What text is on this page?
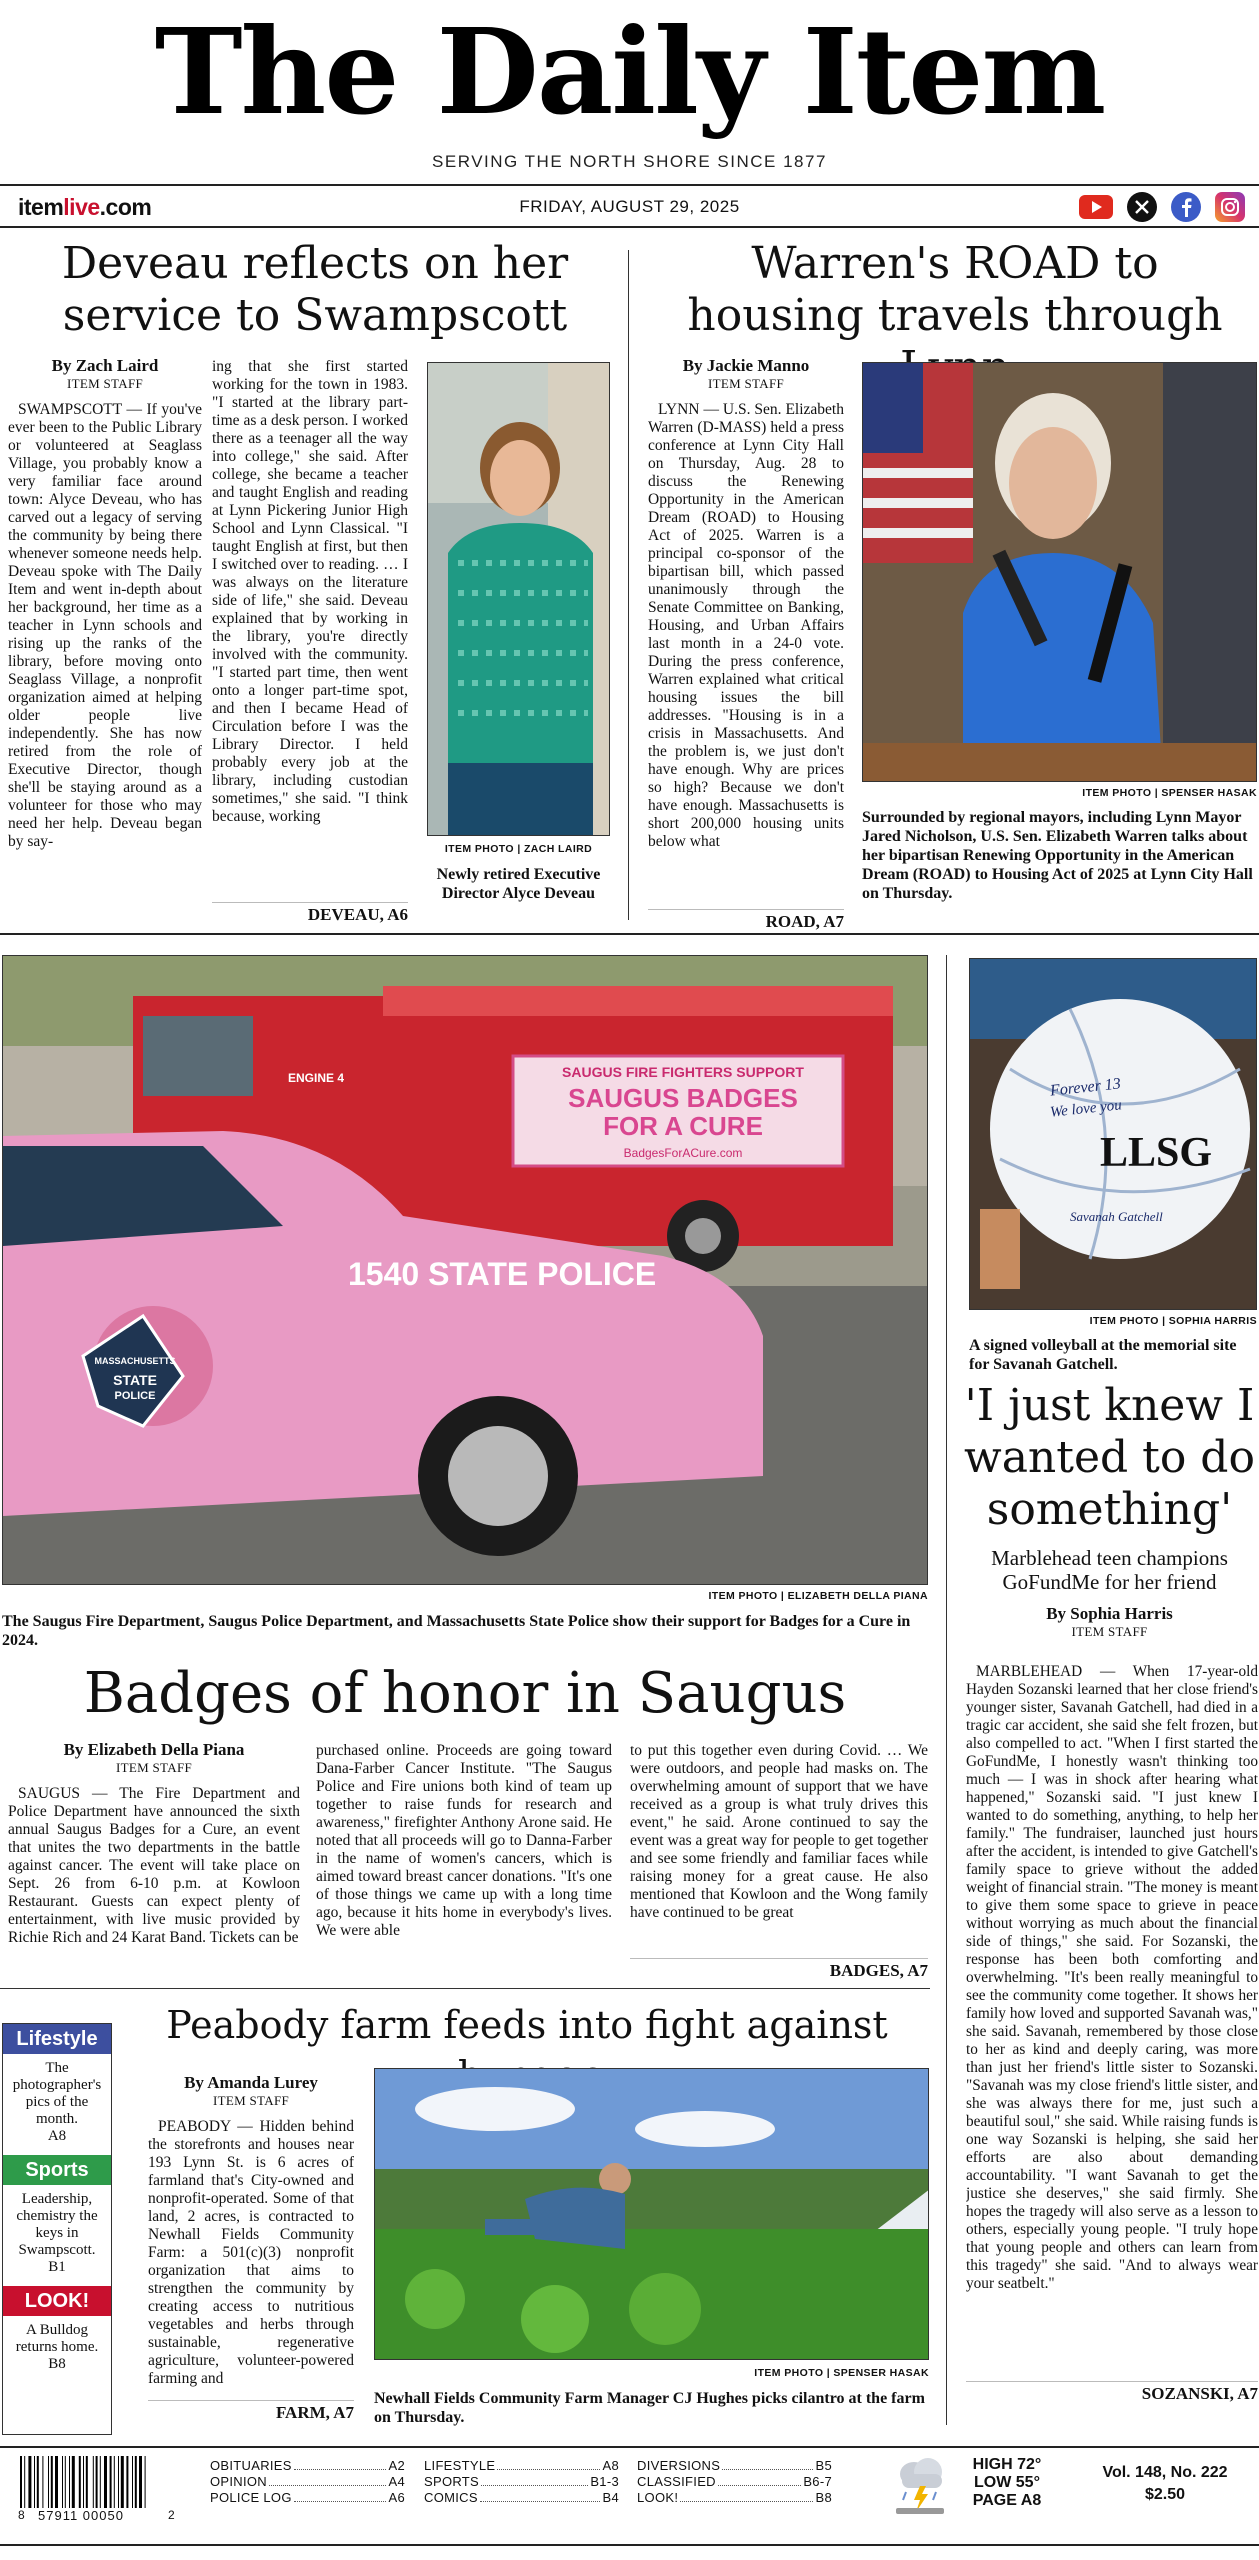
The Daily Item
SERVING THE NORTH SHORE SINCE 1877
itemlive.com	FRIDAY, AUGUST 29, 2025
Deveau reflects on her service to Swampscott
By Zach Laird
ITEM STAFF
SWAMPSCOTT — If you've ever been to the Public Library or volunteered at Seaglass Village, you probably know a very familiar face around town: Alyce Deveau, who has carved out a legacy of serving the community by being there whenever someone needs help. Deveau spoke with The Daily Item and went in-depth about her background, her time as a teacher in Lynn schools and rising up the ranks of the library, before moving onto Seaglass Village, a nonprofit organization aimed at helping older people live independently. She has now retired from the role of Executive Director, though she'll be staying around as a volunteer for those who may need her help. Deveau began by say-
ing that she first started working for the town in 1983. "I started at the library part-time as a desk person. I worked there as a teenager all the way into college," she said. After college, she became a teacher and taught English and reading at Lynn Pickering Junior High School and Lynn Classical. "I taught English at first, but then I switched over to reading. … I was always on the literature side of life," she said. Deveau explained that by working in the library, you're directly involved with the community. "I started part time, then went onto a longer part-time spot, and then I became Head of Circulation before I was the Library Director. I held probably every job at the library, including custodian sometimes," she said. "I think because, working
DEVEAU, A6
ITEM PHOTO | ZACH LAIRD
Newly retired Executive Director Alyce Deveau
Warren's ROAD to housing travels through
By Jackie Manno
ITEM STAFF
LYNN — U.S. Sen. Elizabeth Warren (D-MASS) held a press conference at Lynn City Hall on Thursday, Aug. 28 to discuss the Renewing Opportunity in the American Dream (ROAD) to Housing Act of 2025. Warren is a principal co-sponsor of the bipartisan bill, which passed unanimously through the Senate Committee on Banking, Housing, and Urban Affairs last month in a 24-0 vote. During the press conference, Warren explained what critical housing issues the bill addresses. "Housing is in a crisis in Massachusetts. And the problem is, we just don't have enough. Why are prices so high? Because we don't have enough. Massachusetts is short 200,000 housing units below what
ROAD, A7
ITEM PHOTO | SPENSER HASAK
Surrounded by regional mayors, including Lynn Mayor Jared Nicholson, U.S. Sen. Elizabeth Warren talks about her bipartisan Renewing Opportunity in the American Dream (ROAD) to Housing Act of 2025 at Lynn City Hall on Thursday.
SAUGUS FIRE FIGHTERS SUPPORT
SAUGUS BADGES
FOR A CURE
BadgesForACure.com
ENGINE 4
1540 STATE POLICE
MASSACHUSETTS
STATE
POLICE
ITEM PHOTO | ELIZABETH DELLA PIANA
The Saugus Fire Department, Saugus Police Department, and Massachusetts State Police show their support for Badges for a Cure in 2024.
Badges of honor in Saugus
By Elizabeth Della Piana
ITEM STAFF
SAUGUS — The Fire Department and Police Department have announced the sixth annual Saugus Badges for a Cure, an event that unites the two departments in the battle against cancer. The event will take place on Sept. 26 from 6-10 p.m. at Kowloon Restaurant. Guests can expect plenty of entertainment, with live music provided by Richie Rich and 24 Karat Band. Tickets can be
purchased online. Proceeds are going toward Dana-Farber Cancer Institute. "The Saugus Police and Fire unions both kind of team up together to raise funds for research and awareness," firefighter Anthony Arone said. He noted that all proceeds will go to Danna-Farber in the name of women's cancers, which is aimed toward breast cancer donations. "It's one of those things we came up with a long time ago, because it hits home in everybody's lives. We were able
to put this together even during Covid. … We were outdoors, and people had masks on. The overwhelming amount of support that we have received as a group is what truly drives this event," he said. Arone continued to say the event was a great way for people to get together and see some friendly and familiar faces while raising money for a great cause. He also mentioned that Kowloon and the Wong family have continued to be great
BADGES, A7
Forever 13
We love you
LLSG
Savanah Gatchell
ITEM PHOTO | SOPHIA HARRIS
A signed volleyball at the memorial site for Savanah Gatchell.
'I just knew I wanted to do something'
Marblehead teen champions GoFundMe for her friend
By Sophia Harris
ITEM STAFF
MARBLEHEAD — When 17-year-old Hayden Sozanski learned that her close friend's younger sister, Savanah Gatchell, had died in a tragic car accident, she said she felt frozen, but also compelled to act. "When I first started the GoFundMe, I honestly wasn't thinking too much — I was in shock after hearing what happened," Sozanski said. "I just knew I wanted to do something, anything, to help her family." The fundraiser, launched just hours after the accident, is intended to give Gatchell's family space to grieve without the added weight of financial strain. "The money is meant to give them some space to grieve in peace without worrying as much about the financial side of things," she said. For Sozanski, the response has been both comforting and overwhelming. "It's been really meaningful to see the community come together. It shows her family how loved and supported Savanah was," she said. Savanah, remembered by those close to her as kind and deeply caring, was more than just her friend's little sister to Sozanski. "Savanah was my close friend's little sister, and she was always there for me, just such a beautiful soul," she said. While raising funds is one way Sozanski is helping, she said her efforts are also about demanding accountability. "I want Savanah to get the justice she deserves," she said firmly. She hopes the tragedy will also serve as a lesson to others, especially young people. "I truly hope that young people and others can learn from this tragedy" she said. "And to always wear your seatbelt."
SOZANSKI, A7
Lifestyle
The photographer's pics of the month.
A8
Sports
Leadership, chemistry the keys in Swampscott.
B1
LOOK!
A Bulldog returns home.
B8
Peabody farm feeds into fight against
By Amanda Lurey
ITEM STAFF
PEABODY — Hidden behind the storefronts and houses near 193 Lynn St. is 6 acres of farmland that's City-owned and nonprofit-operated. Some of that land, 2 acres, is contracted to Newhall Fields Community Farm: a 501(c)(3) nonprofit organization that aims to strengthen the community by creating access to nutritious vegetables and herbs through sustainable, regenerative agriculture, volunteer-powered farming and
FARM, A7
ITEM PHOTO | SPENSER HASAK
Newhall Fields Community Farm Manager CJ Hughes picks cilantro at the farm on Thursday.
8 57911 00050	2
OBITUARIES	A2
OPINION	A4
POLICE LOG	A6
LIFESTYLE	A8
SPORTS	B1-3
COMICS	B4
DIVERSIONS	B5
CLASSIFIED	B6-7
LOOK!	B8
HIGH 72°
LOW 55°
PAGE A8
Vol. 148, No. 222
$2.50
